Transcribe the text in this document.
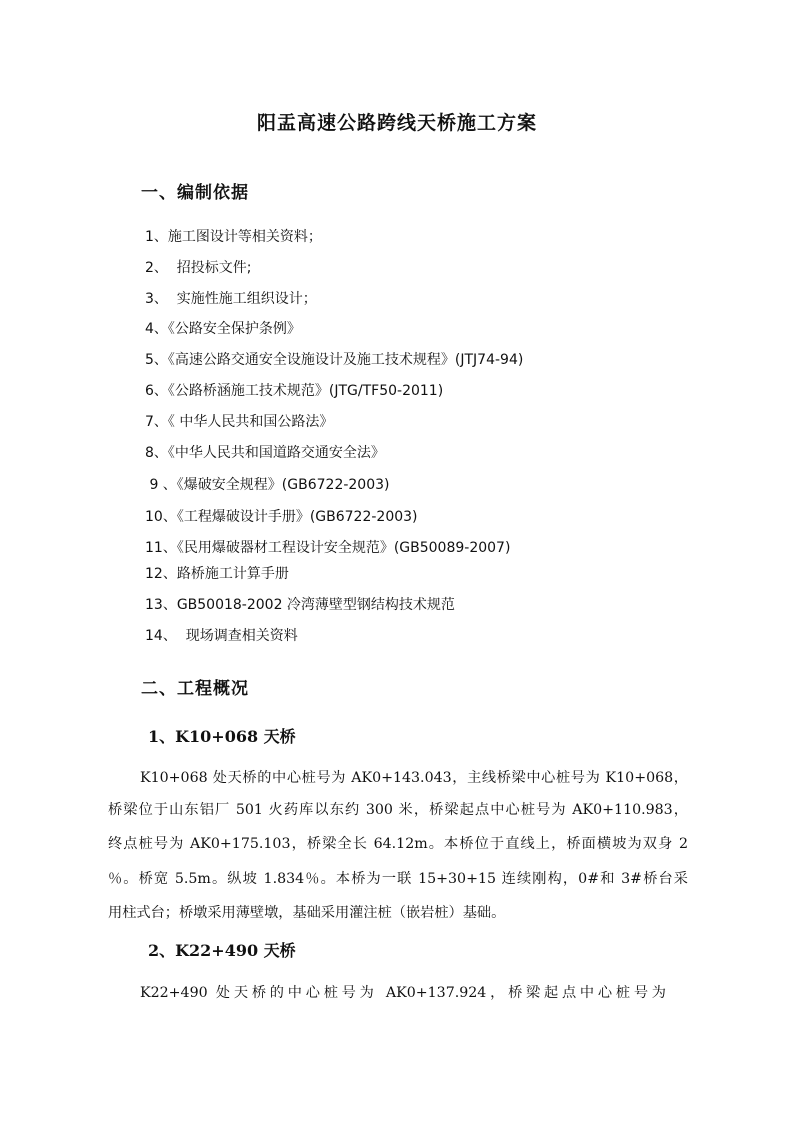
阳盂高速公路跨线天桥施工方案
一、编制依据
1、施工图设计等相关资料；
2、  招投标文件;
3、  实施性施工组织设计；
4、《公路安全保护条例》
5、《高速公路交通安全设施设计及施工技术规程》(JTJ74-94)
6、《公路桥涵施工技术规范》(JTG/TF50-2011)
7、《 中华人民共和国公路法》
8、《中华人民共和国道路交通安全法》
9 、《爆破安全规程》(GB6722-2003)
10、《工程爆破设计手册》(GB6722-2003)
11、《民用爆破器材工程设计安全规范》(GB50089-2007)
12、路桥施工计算手册
13、GB50018-2002 冷湾薄壁型钢结构技术规范
14、  现场调查相关资料
二、工程概况
1、K10+068 天桥
K10+068 处天桥的中心桩号为 AK0+143.043，主线桥梁中心桩号为 K10+068，
桥梁位于山东铝厂 501 火药库以东约 300 米，桥梁起点中心桩号为 AK0+110.983，
终点桩号为 AK0+175.103，桥梁全长 64.12m。本桥位于直线上，桥面横坡为双身 2
％。桥宽 5.5m。纵坡 1.834％。本桥为一联 15+30+15 连续刚构，0#和 3#桥台采
用柱式台；桥墩采用薄壁墩，基础采用灌注桩（嵌岩桩）基础。
2、K22+490 天桥
K22+490 处天桥的中心桩号为 AK0+137.924，桥梁起点中心桩号为
